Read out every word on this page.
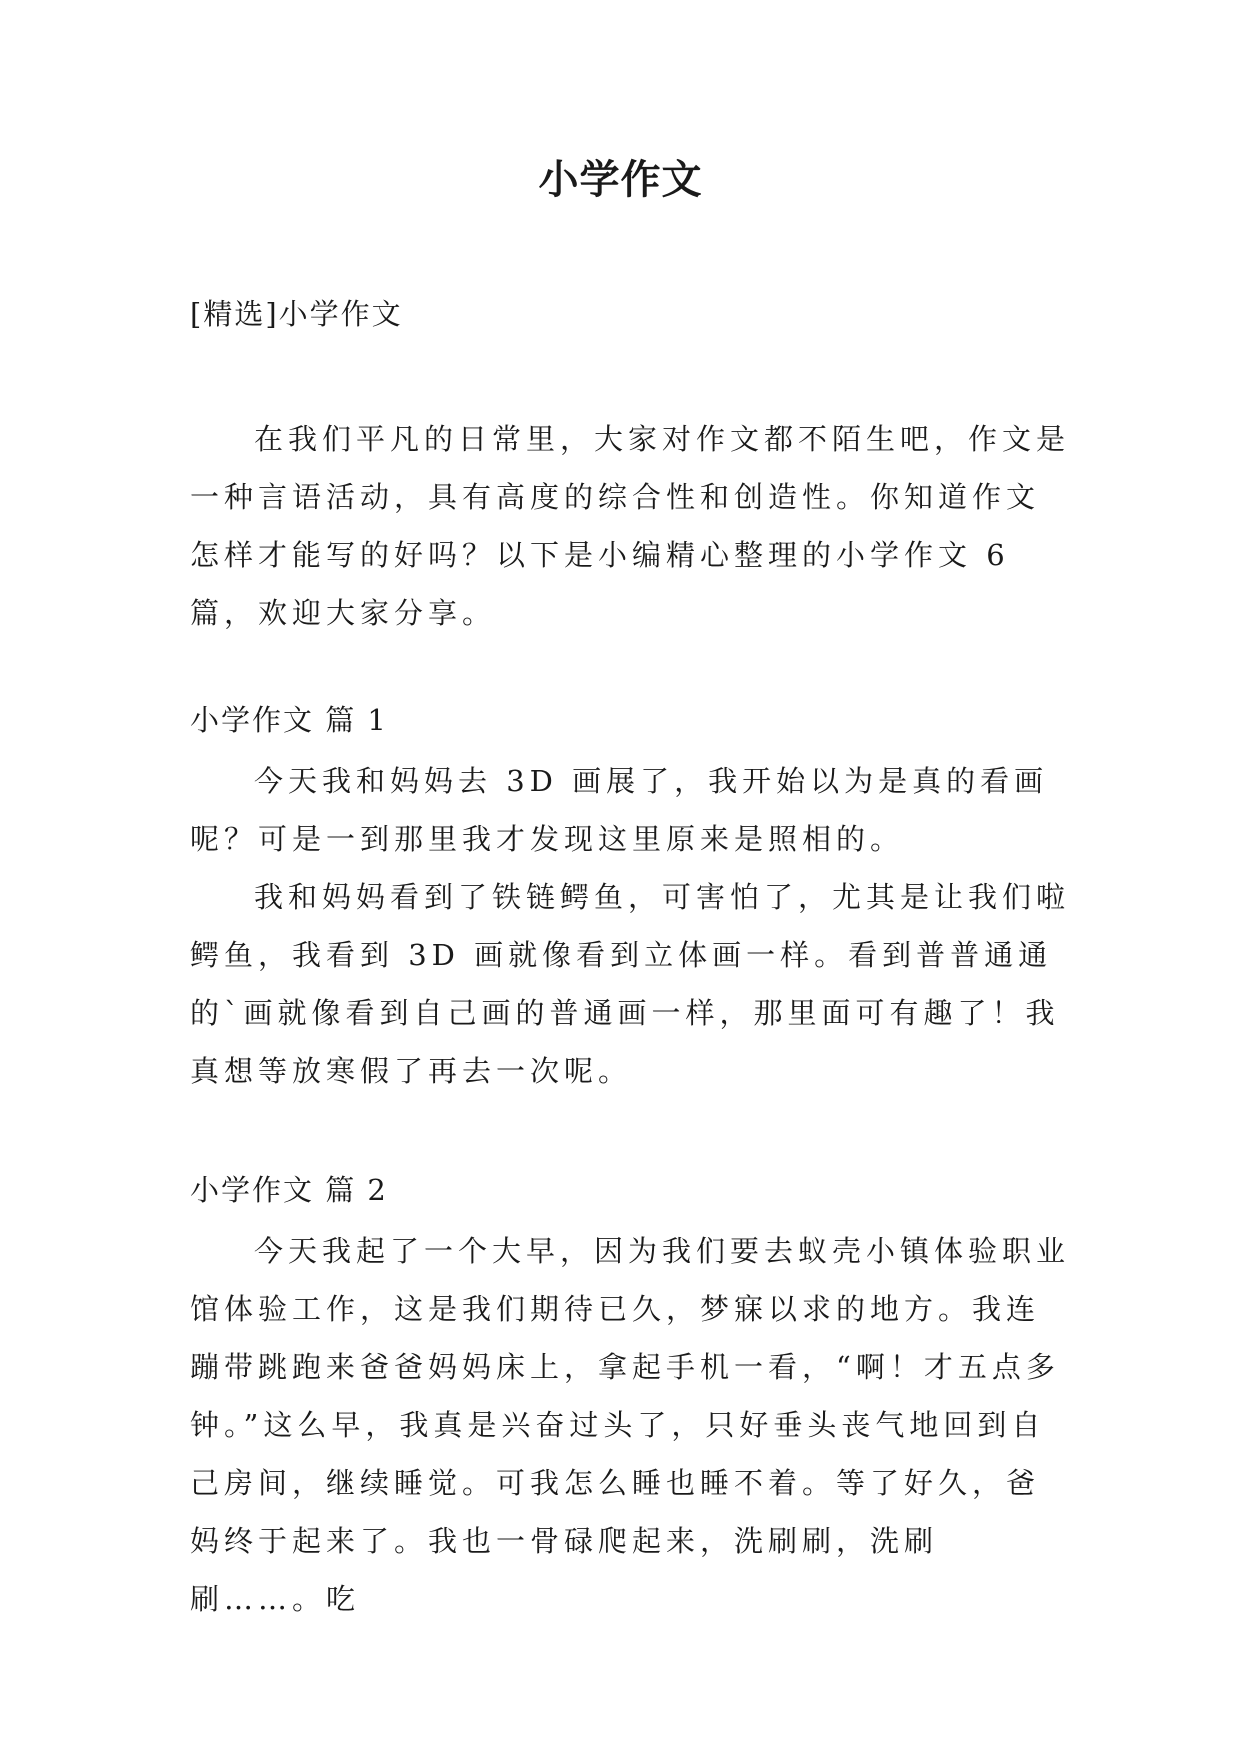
小学作文
[精选]小学作文

在我们平凡的日常里，大家对作文都不陌生吧，作文是一种言语活动，具有高度的综合性和创造性。你知道作文怎样才能写的好吗？以下是小编精心整理的小学作文 6 篇，欢迎大家分享。

小学作文 篇 1

今天我和妈妈去 3D 画展了，我开始以为是真的看画呢？可是一到那里我才发现这里原来是照相的。

我和妈妈看到了铁链鳄鱼，可害怕了，尤其是让我们啦鳄鱼，我看到 3D 画就像看到立体画一样。看到普普通通的`画就像看到自己画的普通画一样，那里面可有趣了！我真想等放寒假了再去一次呢。

小学作文 篇 2

今天我起了一个大早，因为我们要去蚁壳小镇体验职业馆体验工作，这是我们期待已久，梦寐以求的地方。我连蹦带跳跑来爸爸妈妈床上，拿起手机一看，“啊！才五点多钟。”这么早，我真是兴奋过头了，只好垂头丧气地回到自己房间，继续睡觉。可我怎么睡也睡不着。等了好久，爸妈终于起来了。我也一骨碌爬起来，洗刷刷，洗刷刷……。吃
